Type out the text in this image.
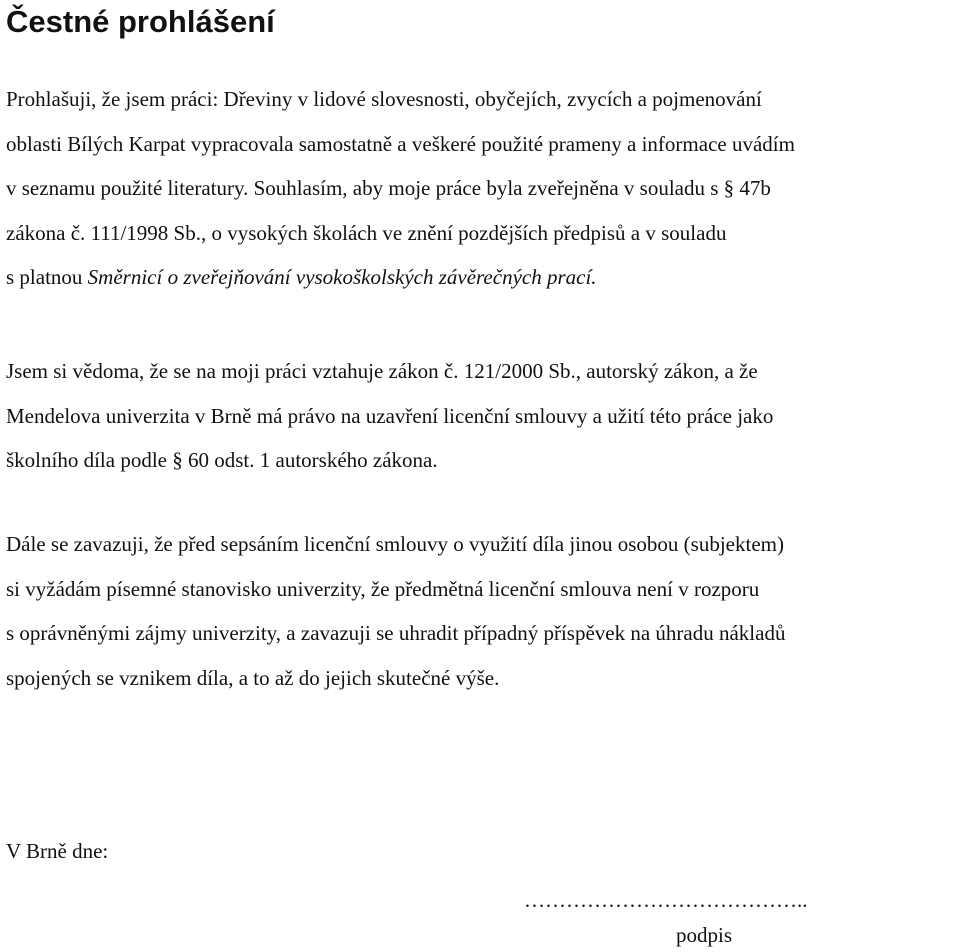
Čestné prohlášení

Prohlašuji, že jsem práci: Dřeviny v lidové slovesnosti, obyčejích, zvycích a pojmenování
oblasti Bílých Karpat vypracovala samostatně a veškeré použité prameny a informace uvádím
v seznamu použité literatury. Souhlasím, aby moje práce byla zveřejněna v souladu s § 47b
zákona č. 111/1998 Sb., o vysokých školách ve znění pozdějších předpisů a v souladu
s platnou Směrnicí o zveřejňování vysokoškolských závěrečných prací.

Jsem si vědoma, že se na moji práci vztahuje zákon č. 121/2000 Sb., autorský zákon, a že
Mendelova univerzita v Brně má právo na uzavření licenční smlouvy a užití této práce jako
školního díla podle § 60 odst. 1 autorského zákona.

Dále se zavazuji, že před sepsáním licenční smlouvy o využití díla jinou osobou (subjektem)
si vyžádám písemné stanovisko univerzity, že předmětná licenční smlouva není v rozporu
s oprávněnými zájmy univerzity, a zavazuji se uhradit případný příspěvek na úhradu nákladů
spojených se vznikem díla, a to až do jejich skutečné výše.

V Brně dne:
…………………………………..
podpis
